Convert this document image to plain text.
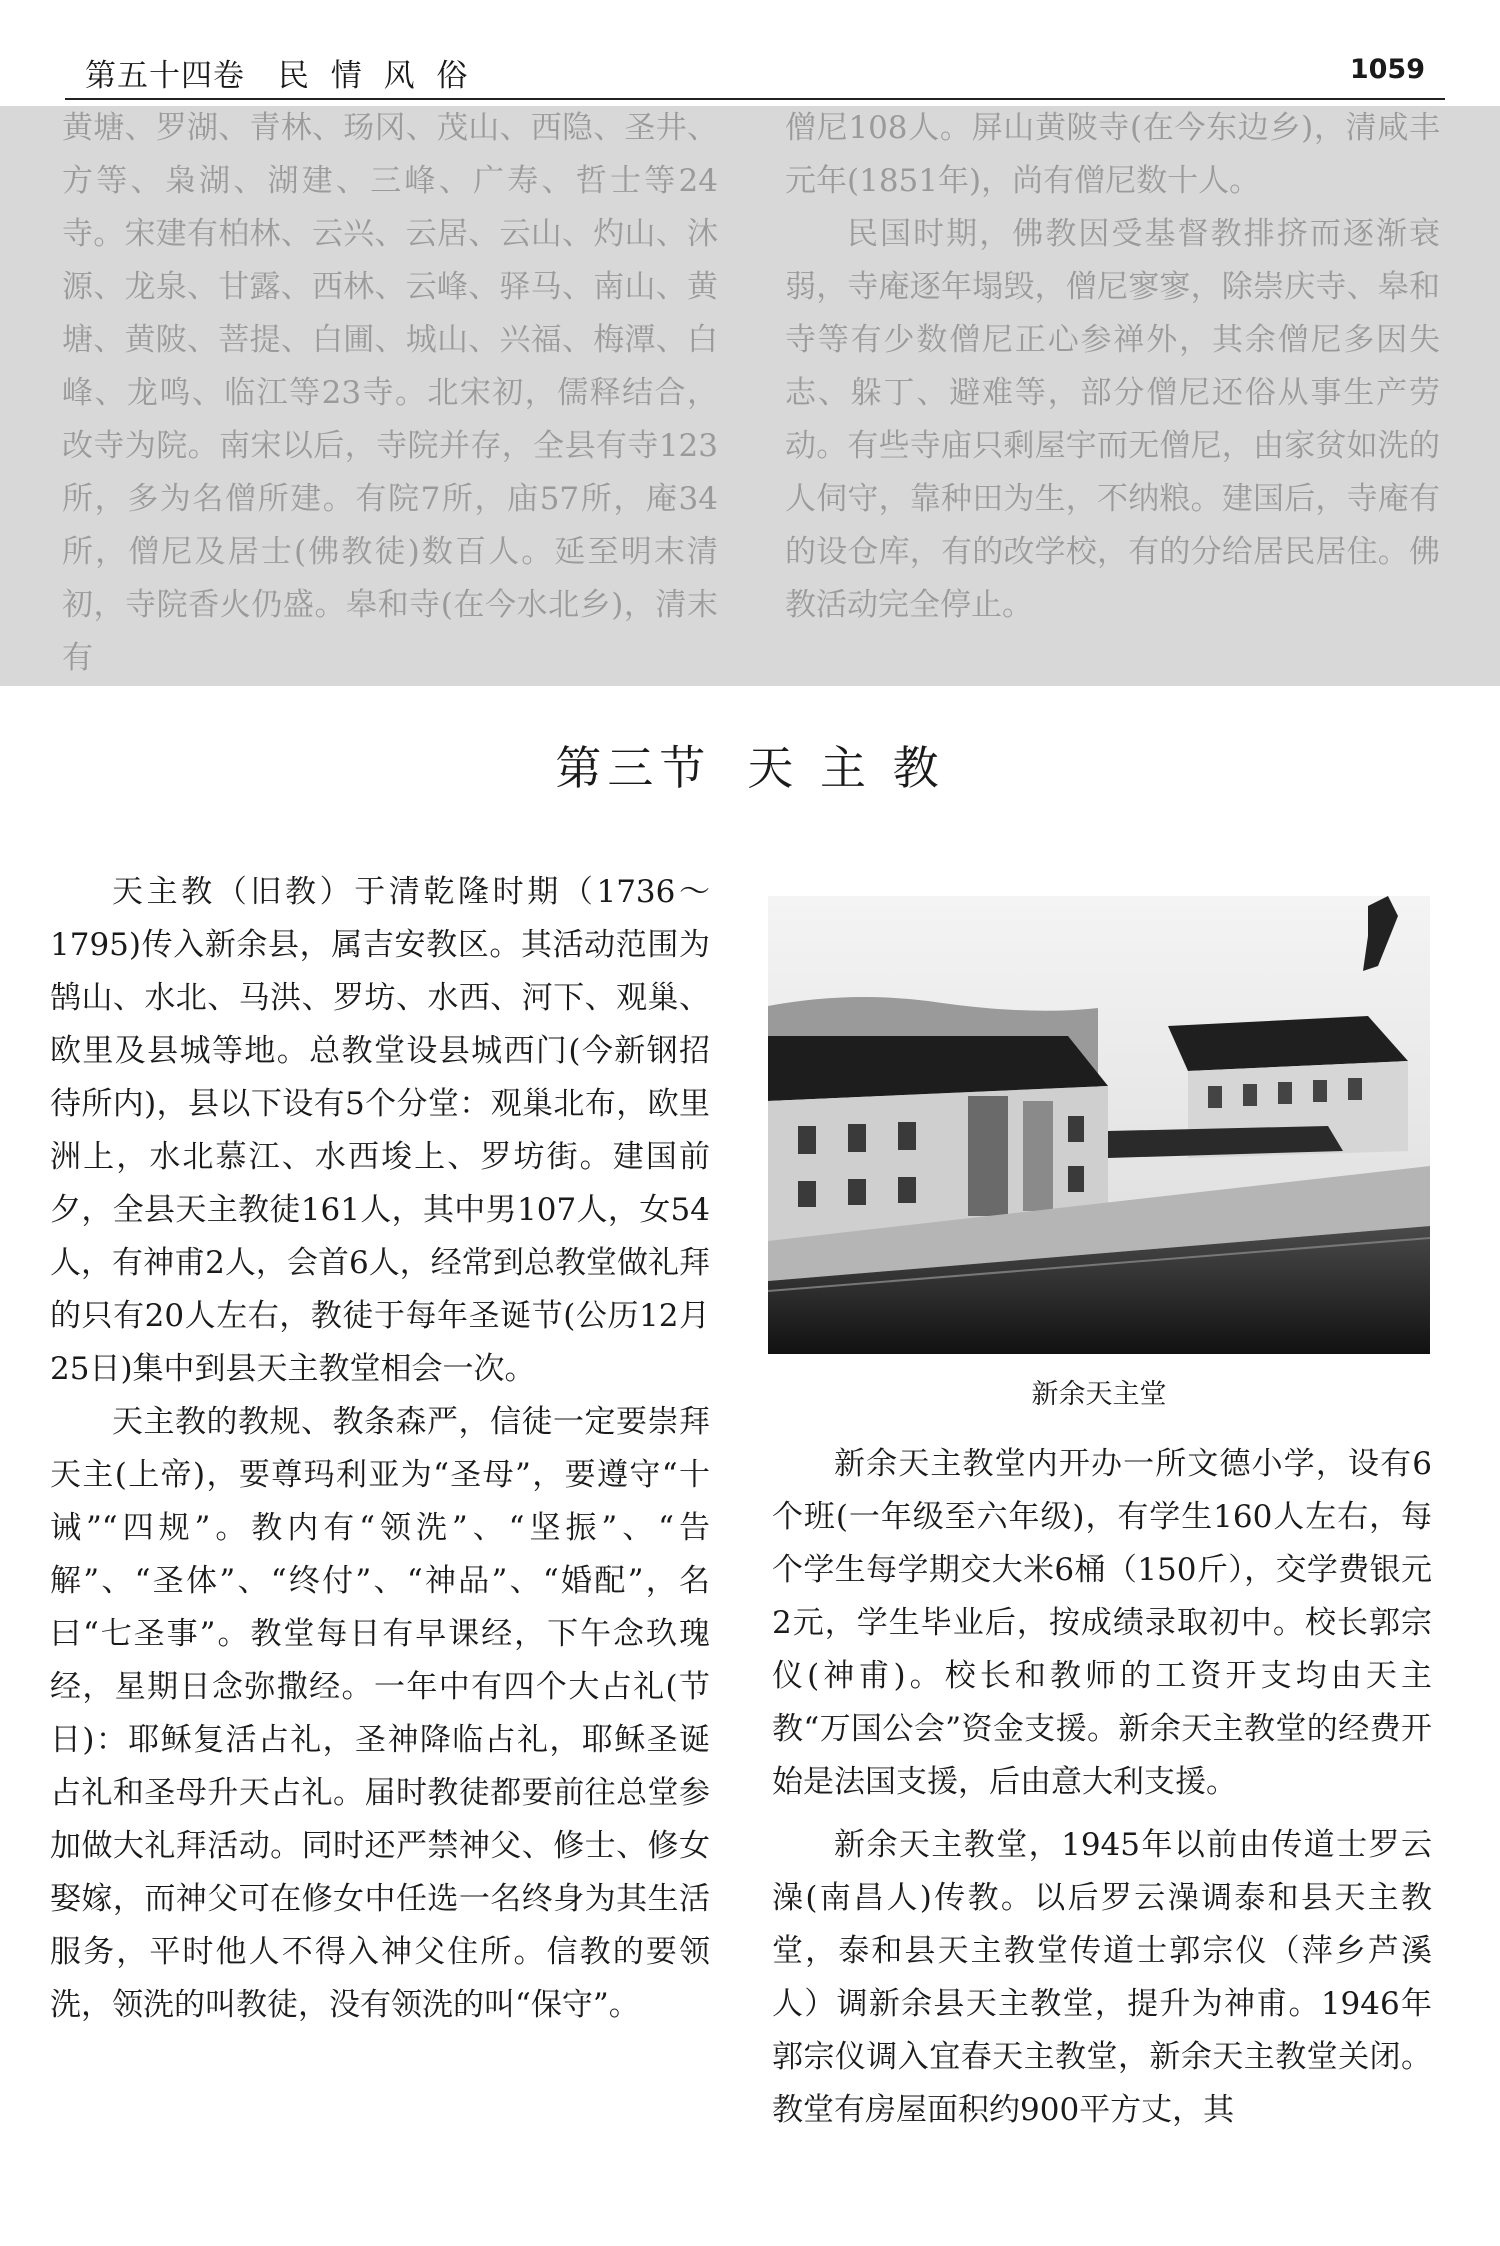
第五十四卷 民 情 风 俗	1059

黄塘、罗湖、青林、玚冈、茂山、西隐、圣井、方等、枭湖、湖建、三峰、广寿、哲士等24寺。宋建有柏林、云兴、云居、云山、灼山、沐源、龙泉、甘露、西林、云峰、驿马、南山、黄塘、黄陂、菩提、白圃、城山、兴福、梅潭、白峰、龙鸣、临江等23寺。北宋初，儒释结合，改寺为院。南宋以后，寺院并存，全县有寺123所，多为名僧所建。有院7所，庙57所，庵34所，僧尼及居士(佛教徒)数百人。延至明末清初，寺院香火仍盛。皋和寺(在今水北乡)，清末有

僧尼108人。屏山黄陂寺(在今东边乡)，清咸丰元年(1851年)，尚有僧尼数十人。

民国时期，佛教因受基督教排挤而逐渐衰弱，寺庵逐年塌毁，僧尼寥寥，除崇庆寺、皋和寺等有少数僧尼正心参禅外，其余僧尼多因失志、躲丁、避难等，部分僧尼还俗从事生产劳动。有些寺庙只剩屋宇而无僧尼，由家贫如洗的人伺守，靠种田为生，不纳粮。建国后，寺庵有的设仓库，有的改学校，有的分给居民居住。佛教活动完全停止。

第三节 天 主 教

天主教（旧教）于清乾隆时期（1736～1795)传入新余县，属吉安教区。其活动范围为鹄山、水北、马洪、罗坊、水西、河下、观巢、欧里及县城等地。总教堂设县城西门(今新钢招待所内)，县以下设有5个分堂：观巢北布，欧里洲上，水北慕江、水西埈上、罗坊街。建国前夕，全县天主教徒161人，其中男107人，女54人，有神甫2人，会首6人，经常到总教堂做礼拜的只有20人左右，教徒于每年圣诞节(公历12月25日)集中到县天主教堂相会一次。

天主教的教规、教条森严，信徒一定要崇拜天主(上帝)，要尊玛利亚为“圣母”，要遵守“十诫”“四规”。教内有“领洗”、“坚振”、“告解”、“圣体”、“终付”、“神品”、“婚配”，名曰“七圣事”。教堂每日有早课经，下午念玖瑰经，星期日念弥撒经。一年中有四个大占礼(节日)：耶稣复活占礼，圣神降临占礼，耶稣圣诞占礼和圣母升天占礼。届时教徒都要前往总堂参加做大礼拜活动。同时还严禁神父、修士、修女娶嫁，而神父可在修女中任选一名终身为其生活服务，平时他人不得入神父住所。信教的要领洗，领洗的叫教徒，没有领洗的叫“保守”。

新余天主堂

新余天主教堂内开办一所文德小学，设有6个班(一年级至六年级)，有学生160人左右，每个学生每学期交大米6桶（150斤），交学费银元2元，学生毕业后，按成绩录取初中。校长郭宗仪(神甫)。校长和教师的工资开支均由天主教“万国公会”资金支援。新余天主教堂的经费开始是法国支援，后由意大利支援。

新余天主教堂，1945年以前由传道士罗云澡(南昌人)传教。以后罗云澡调泰和县天主教堂，泰和县天主教堂传道士郭宗仪（萍乡芦溪人）调新余县天主教堂，提升为神甫。1946年郭宗仪调入宜春天主教堂，新余天主教堂关闭。教堂有房屋面积约900平方丈，其
